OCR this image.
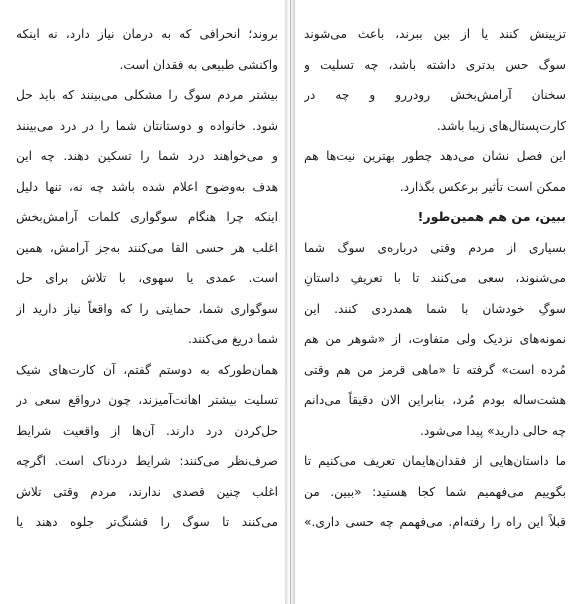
بروند؛ انحرافی که به درمان نیاز دارد، نه اینکه
واکنشی طبیعی به فقدان است.
بیشتر مردم سوگ را مشکلی می‌بینند که باید حل
شود. خانواده و دوستانتان شما را در درد می‌بینند
و می‌خواهند درد شما را تسکین دهند. چه این
هدف به‌وضوح اعلام شده باشد چه نه، تنها دلیل
اینکه چرا هنگام سوگواری کلمات آرامش‌بخش
اغلب هر حسی القا می‌کنند به‌جز آرامش، همین
است. عمدی یا سهوی، با تلاش برای حل
سوگواری شما، حمایتی را که واقعاً نیاز دارید از
شما دریغ می‌کنند.
همان‌طورکه به دوستم گفتم، آن کارت‌های شیک
تسلیت بیشتر اهانت‌آمیزند، چون درواقع سعی در
حل‌کردن درد دارند. آن‌ها از واقعیت شرایط
صرف‌نظر می‌کنند: شرایط دردناک است. اگرچه
اغلب چنین قصدی ندارند، مردم وقتی تلاش
می‌کنند تا سوگ را قشنگ‌تر جلوه دهند یا
تزیینش کنند یا از بین ببرند، باعث می‌شوند
سوگ حس بدتری داشته باشد، چه تسلیت و
سخنان آرامش‌بخش رودررو و چه در
کارت‌پستال‌های زیبا باشد.
این فصل نشان می‌دهد چطور بهترین نیت‌ها هم
ممکن است تأثیر برعکس بگذارد.
ببین، من هم همین‌طور!
بسیاری از مردم وقتی درباره‌ی سوگ شما
می‌شنوند، سعی می‌کنند تا با تعریفِ داستانِ
سوگِ خودشان با شما همدردی کنند. این
نمونه‌های نزدیک ولی متفاوت، از «شوهر من هم
مُرده است» گرفته تا «ماهی قرمز من هم وقتی
هشت‌ساله بودم مُرد، بنابراین الان دقیقاً می‌دانم
چه حالی دارید» پیدا می‌شود.
ما داستان‌هایی از فقدان‌هایمان تعریف می‌کنیم تا
بگوییم می‌فهمیم شما کجا هستید: «ببین. من
قبلاً این راه را رفته‌ام. می‌فهمم چه حسی داری.»
